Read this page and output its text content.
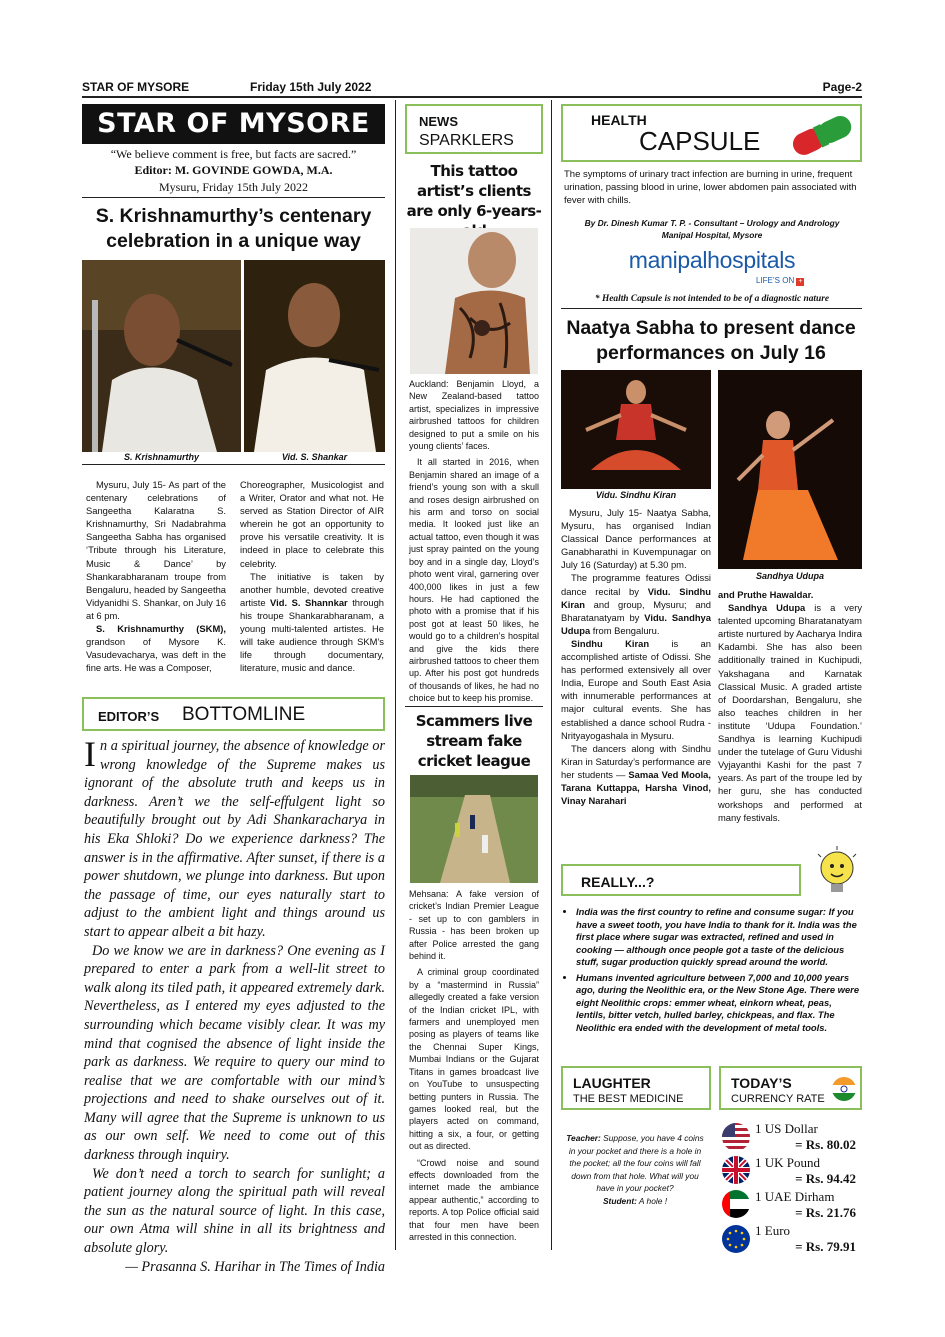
STAR OF MYSORE	Friday 15th July 2022	Page-2
STAR OF MYSORE
“We believe comment is free, but facts are sacred.”
Editor: M. GOVINDE GOWDA, M.A.
Mysuru, Friday 15th July 2022
S. Krishnamurthy’s centenary
celebration in a unique way
S. Krishnamurthy	Vid. S. Shankar

Mysuru, July 15- As part of the centenary celebrations of Sangeetha Kalaratna S. Krishnamurthy, Sri Nadabrahma Sangeetha Sabha has organised ‘Tribute through his Literature, Music & Dance’ by Shankarabharanam troupe from Bengaluru, headed by Sangeetha Vidyanidhi S. Shankar, on July 16 at 6 pm.

S. Krishnamurthy (SKM), grandson of Mysore K. Vasudevacharya, was deft in the fine arts. He was a Composer,

Choreographer, Musicologist and a Writer, Orator and what not. He served as Station Director of AIR wherein he got an opportunity to prove his versatile creativity. It is indeed in place to celebrate this celebrity.

The initiative is taken by another humble, devoted creative artiste Vid. S. Shannkar through his troupe Shankarabharanam, a young multi-talented artistes. He will take audience through SKM’s life through documentary, literature, music and dance.

EDITOR’S BOTTOMLINE

In a spiritual journey, the absence of knowledge or wrong knowledge of the Supreme makes us ignorant of the absolute truth and keeps us in darkness. Aren’t we the self-effulgent light so beautifully brought out by Adi Shankaracharya in his Eka Shloki? Do we experience darkness? The answer is in the affirmative. After sunset, if there is a power shutdown, we plunge into darkness. But upon the passage of time, our eyes naturally start to adjust to the ambient light and things around us start to appear albeit a bit hazy.

Do we know we are in darkness? One evening as I prepared to enter a park from a well-lit street to walk along its tiled path, it appeared extremely dark. Nevertheless, as I entered my eyes adjusted to the surrounding which became visibly clear. It was my mind that cognised the absence of light inside the park as darkness. We require to query our mind to realise that we are comfortable with our mind’s projections and need to shake ourselves out of it. Many will agree that the Supreme is unknown to us as our own self. We need to come out of this darkness through inquiry.

We don’t need a torch to search for sunlight; a patient journey along the spiritual path will reveal the sun as the natural source of light. In this case, our own Atma will shine in all its brightness and absolute glory.

— Prasanna S. Harihar in The Times of India

NEWS
SPARKLERS
This tattoo artist’s clients are only 6-years-

Auckland: Benjamin Lloyd, a New Zealand-based tattoo artist, specializes in impressive airbrushed tattoos for children designed to put a smile on his young clients’ faces.

It all started in 2016, when Benjamin shared an image of a friend’s young son with a skull and roses design airbrushed on his arm and torso on social media. It looked just like an actual tattoo, even though it was just spray painted on the young boy and in a single day, Lloyd’s photo went viral, garnering over 400,000 likes in just a few hours. He had captioned the photo with a promise that if his post got at least 50 likes, he would go to a children’s hospital and give the kids there airbrushed tattoos to cheer them up. After his post got hundreds of thousands of likes, he had no choice but to keep his promise.

Scammers live stream fake cricket league

Mehsana: A fake version of cricket’s Indian Premier League - set up to con gamblers in Russia - has been broken up after Police arrested the gang behind it.

A criminal group coordinated by a “mastermind in Russia” allegedly created a fake version of the Indian cricket IPL, with farmers and unemployed men posing as players of teams like the Chennai Super Kings, Mumbai Indians or the Gujarat Titans in games broadcast live on YouTube to unsuspecting betting punters in Russia. The games looked real, but the players acted on command, hitting a six, a four, or getting out as directed.

“Crowd noise and sound effects downloaded from the internet made the ambiance appear authentic,” according to reports. A top Police official said that four men have been arrested in this connection.

HEALTH
CAPSULE
The symptoms of urinary tract infection are burning in urine, frequent urination, passing blood in urine, lower abdomen pain associated with fever with chills.
By Dr. Dinesh Kumar T. P. - Consultant – Urology and Andrology
Manipal Hospital, Mysore
manipalhospitals
LIFE’S ON +
* Health Capsule is not intended to be of a diagnostic nature
Naatya Sabha to present dance
performances on July 16
Vidu. Sindhu Kiran
Sandhya Udupa

Mysuru, July 15- Naatya Sabha, Mysuru, has organised Indian Classical Dance performances at Ganabharathi in Kuvempunagar on July 16 (Saturday) at 5.30 pm.

The programme features Odissi dance recital by Vidu. Sindhu Kiran and group, Mysuru; and Bharatanatyam by Vidu. Sandhya Udupa from Bengaluru.

Sindhu Kiran is an accomplished artiste of Odissi. She has performed extensively all over India, Europe and South East Asia with innumerable performances at major cultural events. She has established a dance school Rudra - Nrityayogashala in Mysuru.

The dancers along with Sindhu Kiran in Saturday’s performance are her students — Samaa Ved Moola, Tarana Kuttappa, Harsha Vinod, Vinay Narahari

and Pruthe Hawaldar.

Sandhya Udupa is a very talented upcoming Bharatanatyam artiste nurtured by Aacharya Indira Kadambi. She has also been additionally trained in Kuchipudi, Yakshagana and Karnatak Classical Music. A graded artiste of Doordarshan, Bengaluru, she also teaches children in her institute ‘Udupa Foundation.’ Sandhya is learning Kuchipudi under the tutelage of Guru Vidushi Vyjayanthi Kashi for the past 7 years. As part of the troupe led by her guru, she has conducted workshops and performed at many festivals.

REALLY...?
• India was the first country to refine and consume sugar: If you have a sweet tooth, you have India to thank for it. India was the first place where sugar was extracted, refined and used in cooking — although once people got a taste of the delicious stuff, sugar production quickly spread around the world.
• Humans invented agriculture between 7,000 and 10,000 years ago, during the Neolithic era, or the New Stone Age. There were eight Neolithic crops: emmer wheat, einkorn wheat, peas, lentils, bitter vetch, hulled barley, chickpeas, and flax. The Neolithic era ended with the development of metal tools.
LAUGHTER
THE BEST MEDICINE
Teacher: Suppose, you have 4 coins in your pocket and there is a hole in the pocket; all the four coins will fall down from that hole. What will you have in your pocket?
Student: A hole !
TODAY’S
CURRENCY RATE
1 US Dollar
= Rs. 80.02
1 UK Pound
= Rs. 94.42
1 UAE Dirham
= Rs. 21.76
1 Euro
= Rs. 79.91
